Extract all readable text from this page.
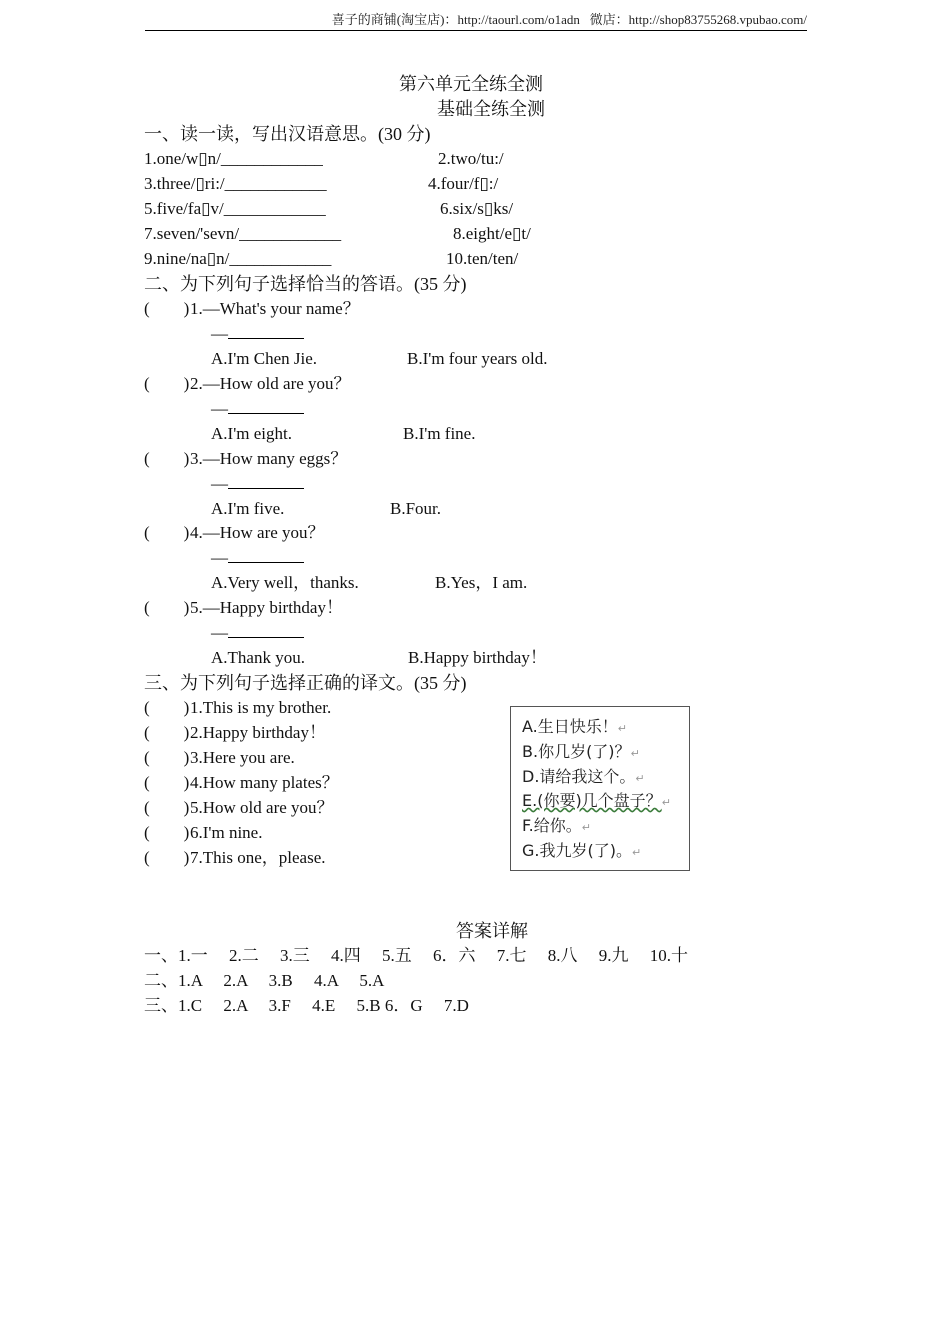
喜子的商铺(淘宝店)：http://taourl.com/o1adn 微店：http://shop83755268.vpubao.com/
第六单元全练全测
基础全练全测
一、读一读，写出汉语意思。(30 分)
1.one/w▯n/____________	2.two/tu:/
3.three/▯ri:/____________	4.four/f▯:/
5.five/fa▯v/____________	6.six/s▯ks/
7.seven/'sevn/____________	8.eight/e▯t/
9.nine/na▯n/____________	10.ten/ten/
二、为下列句子选择恰当的答语。(35 分)
(　　)1.—What's your name？
—
A.I'm Chen Jie.	B.I'm four years old.
(　　)2.—How old are you？
—
A.I'm eight.	B.I'm fine.
(　　)3.—How many eggs？
—
A.I'm five.	B.Four.
(　　)4.—How are you？
—
A.Very well，thanks.	B.Yes，I am.
(　　)5.—Happy birthday！
—
A.Thank you.	B.Happy birthday！
三、为下列句子选择正确的译文。(35 分)
(　　)1.This is my brother.
(　　)2.Happy birthday！
(　　)3.Here you are.
(　　)4.How many plates？
(　　)5.How old are you？
(　　)6.I'm nine.
(　　)7.This one，please.
A.生日快乐！↵
B.你几岁(了)？↵
D.请给我这个。↵
E.(你要)几个盘子？↵
F.给你。↵
G.我九岁(了)。↵
答案详解
一、1.一　 2.二　 3.三　 4.四　 5.五　 6．六　 7.七　 8.八　 9.九　 10.十
二、1.A　 2.A　 3.B　 4.A　 5.A
三、1.C　 2.A　 3.F　 4.E　 5.B 6．G　 7.D
